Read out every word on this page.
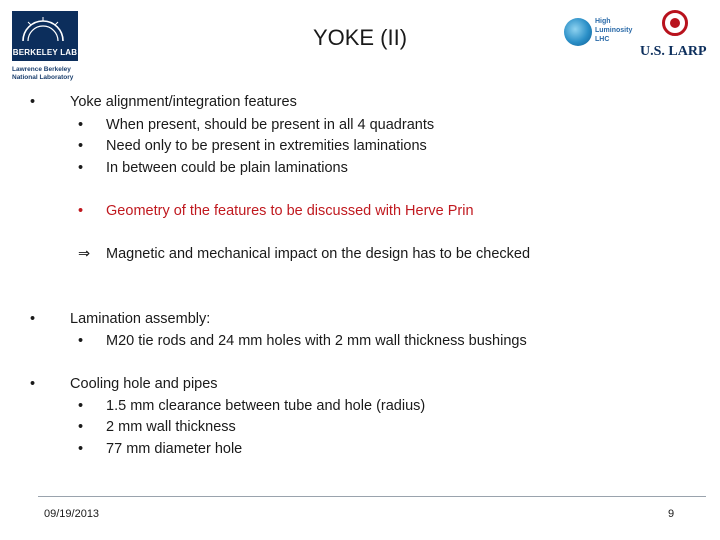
BERKELEY LAB
Lawrence Berkeley
National Laboratory
YOKE (II)
High
Luminosity
LHC
U.S. LARP
• Yoke alignment/integration features
• When present, should be present in all 4 quadrants
• Need only to be present in extremities laminations
• In between could be plain laminations
• Geometry of the features to be discussed with Herve Prin
⇒ Magnetic and mechanical impact on the design has to be checked
• Lamination assembly:
• M20 tie rods and 24 mm holes with 2 mm wall thickness bushings
• Cooling hole and pipes
• 1.5 mm clearance between tube and hole (radius)
• 2 mm wall thickness
• 77 mm diameter hole
09/19/2013	9
